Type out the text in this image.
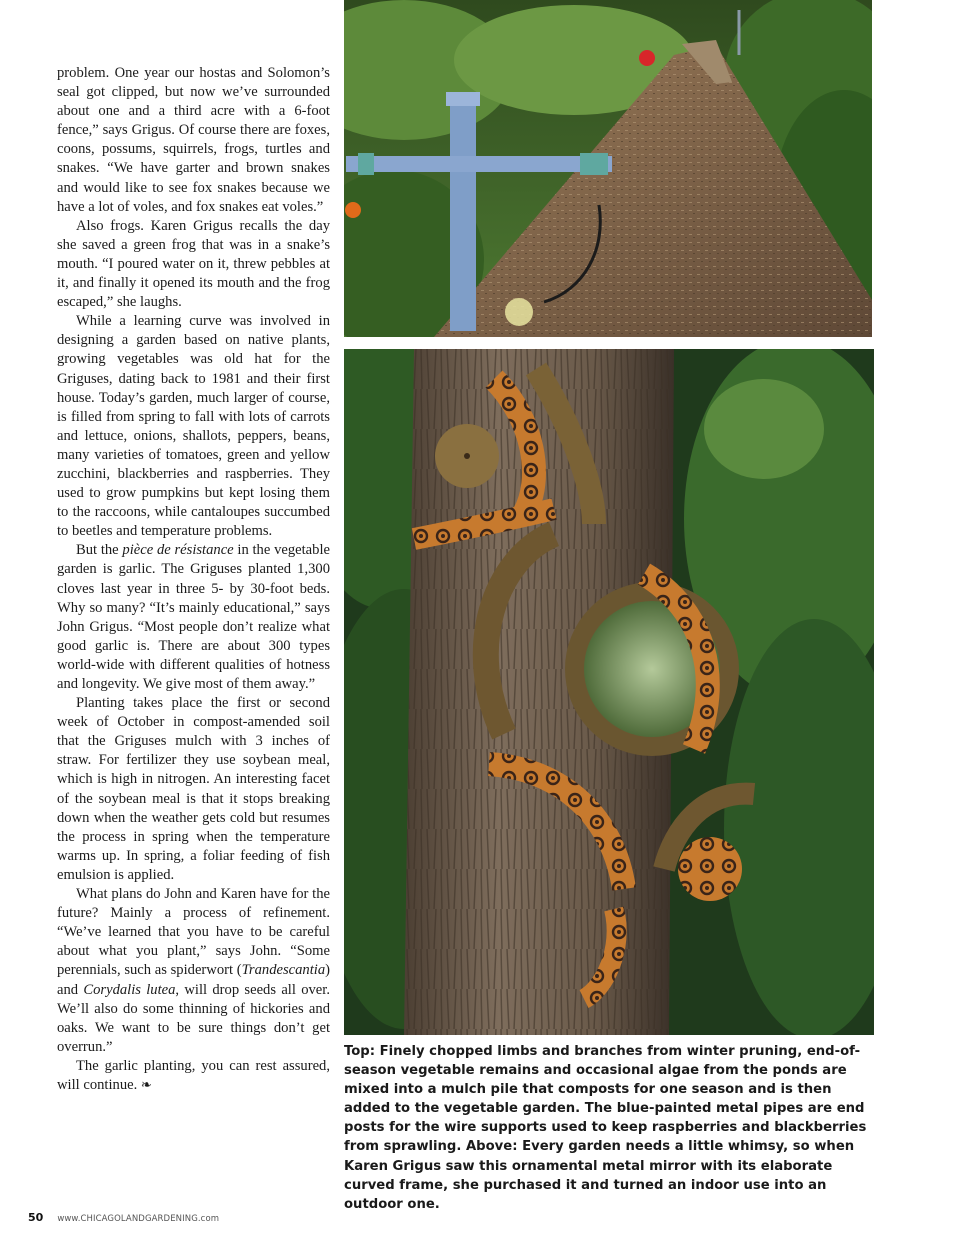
problem. One year our hostas and Solomon’s seal got clipped, but now we’ve surrounded about one and a third acre with a 6-foot fence,” says Grigus. Of course there are foxes, coons, possums, squirrels, frogs, turtles and snakes. “We have garter and brown snakes and would like to see fox snakes because we have a lot of voles, and fox snakes eat voles.”

Also frogs. Karen Grigus recalls the day she saved a green frog that was in a snake’s mouth. “I poured water on it, threw pebbles at it, and finally it opened its mouth and the frog escaped,” she laughs.

While a learning curve was involved in designing a garden based on native plants, growing vegetables was old hat for the Griguses, dating back to 1981 and their first house. Today’s garden, much larger of course, is filled from spring to fall with lots of carrots and lettuce, onions, shallots, peppers, beans, many varieties of tomatoes, green and yellow zucchini, blackberries and raspberries. They used to grow pumpkins but kept losing them to the raccoons, while cantaloupes succumbed to beetles and temperature problems.

But the pièce de résistance in the vegetable garden is garlic. The Griguses planted 1,300 cloves last year in three 5- by 30-foot beds. Why so many? “It’s mainly educational,” says John Grigus. “Most people don’t realize what good garlic is. There are about 300 types world-wide with different qualities of hotness and longevity. We give most of them away.”

Planting takes place the first or second week of October in compost-amended soil that the Griguses mulch with 3 inches of straw. For fertilizer they use soybean meal, which is high in nitrogen. An interesting facet of the soybean meal is that it stops breaking down when the weather gets cold but resumes the process in spring when the temperature warms up. In spring, a foliar feeding of fish emulsion is applied.

What plans do John and Karen have for the future? Mainly a process of refinement. “We’ve learned that you have to be careful about what you plant,” says John. “Some perennials, such as spiderwort (Trandescantia) and Corydalis lutea, will drop seeds all over. We’ll also do some thinning of hickories and oaks. We want to be sure things don’t get overrun.”

The garlic planting, you can rest assured, will continue. ❧

Top: Finely chopped limbs and branches from winter pruning, end-of-season vegetable remains and occasional algae from the ponds are mixed into a mulch pile that composts for one season and is then added to the vegetable garden. The blue-painted metal pipes are end posts for the wire supports used to keep raspberries and blackberries from sprawling. Above: Every garden needs a little whimsy, so when Karen Grigus saw this ornamental metal mirror with its elaborate curved frame, she purchased it and turned an indoor use into an outdoor one.
50 www.CHICAGOLANDGARDENING.com
